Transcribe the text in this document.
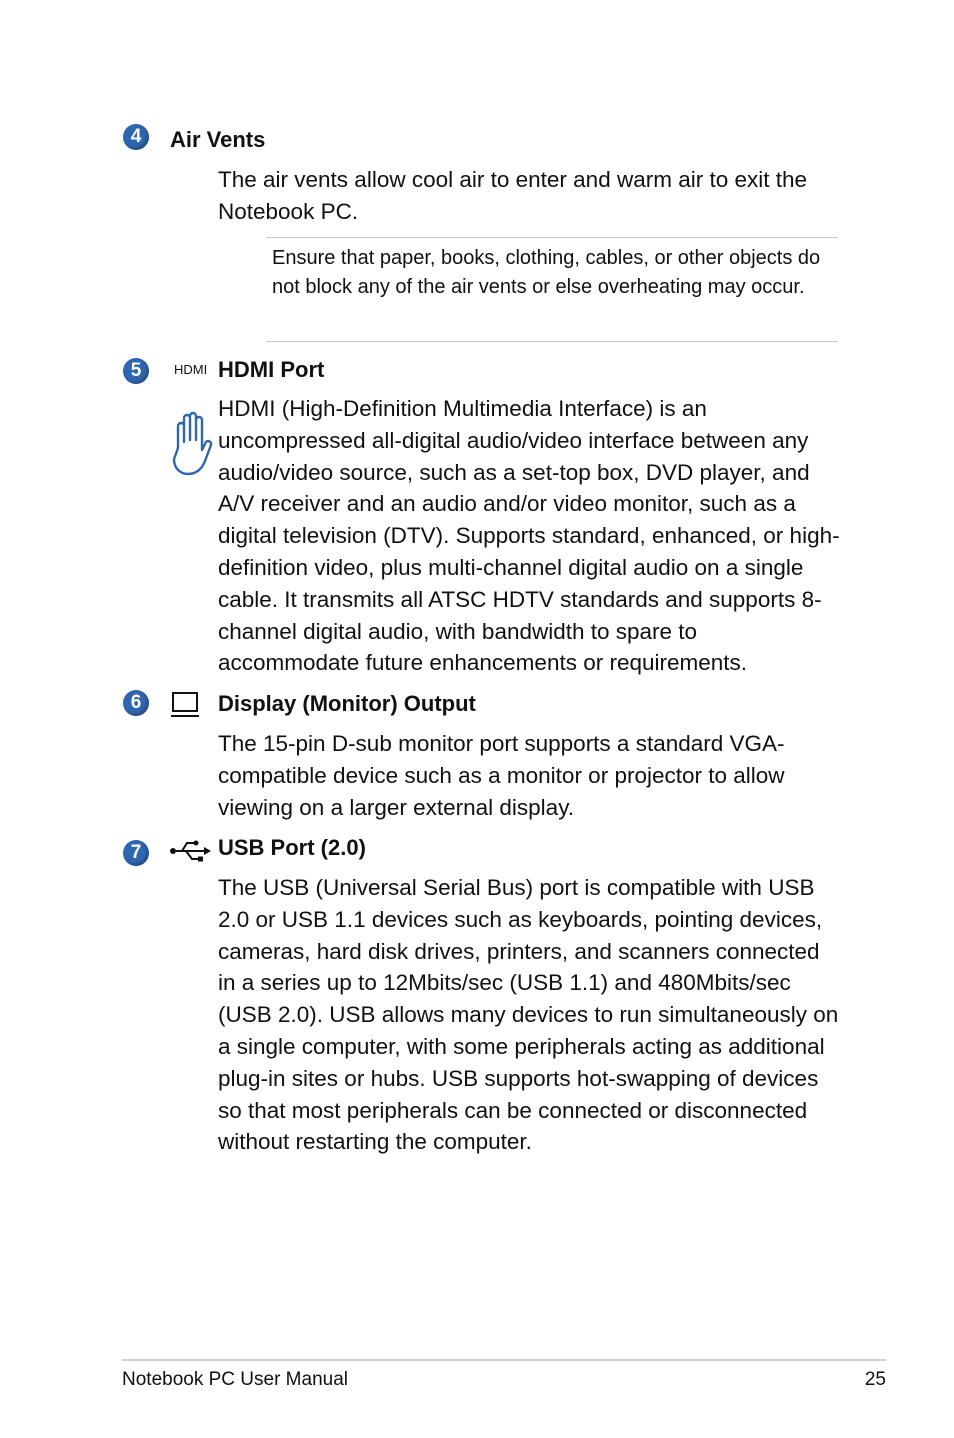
4	Air Vents
The air vents allow cool air to enter and warm air to exit the Notebook PC.
Ensure that paper, books, clothing, cables, or other objects do not block any of the air vents or else overheating may occur.
5	HDMI HDMI Port
HDMI (High-Definition Multimedia Interface) is an uncompressed all-digital audio/video interface between any audio/video source, such as a set-top box, DVD player, and A/V receiver and an audio and/or video monitor, such as a digital television (DTV). Supports standard, enhanced, or high-definition video, plus multi-channel digital audio on a single cable. It transmits all ATSC HDTV standards and supports 8-channel digital audio, with bandwidth to spare to accommodate future enhancements or requirements.
6	Display (Monitor) Output
The 15-pin D-sub monitor port supports a standard VGA-compatible device such as a monitor or projector to allow viewing on a larger external display.
7	USB Port (2.0)
The USB (Universal Serial Bus) port is compatible with USB 2.0 or USB 1.1 devices such as keyboards, pointing devices, cameras, hard disk drives, printers, and scanners connected in a series up to 12Mbits/sec (USB 1.1) and 480Mbits/sec (USB 2.0). USB allows many devices to run simultaneously on a single computer, with some peripherals acting as additional plug-in sites or hubs. USB supports hot-swapping of devices so that most peripherals can be connected or disconnected without restarting the computer.
Notebook PC User Manual	25
